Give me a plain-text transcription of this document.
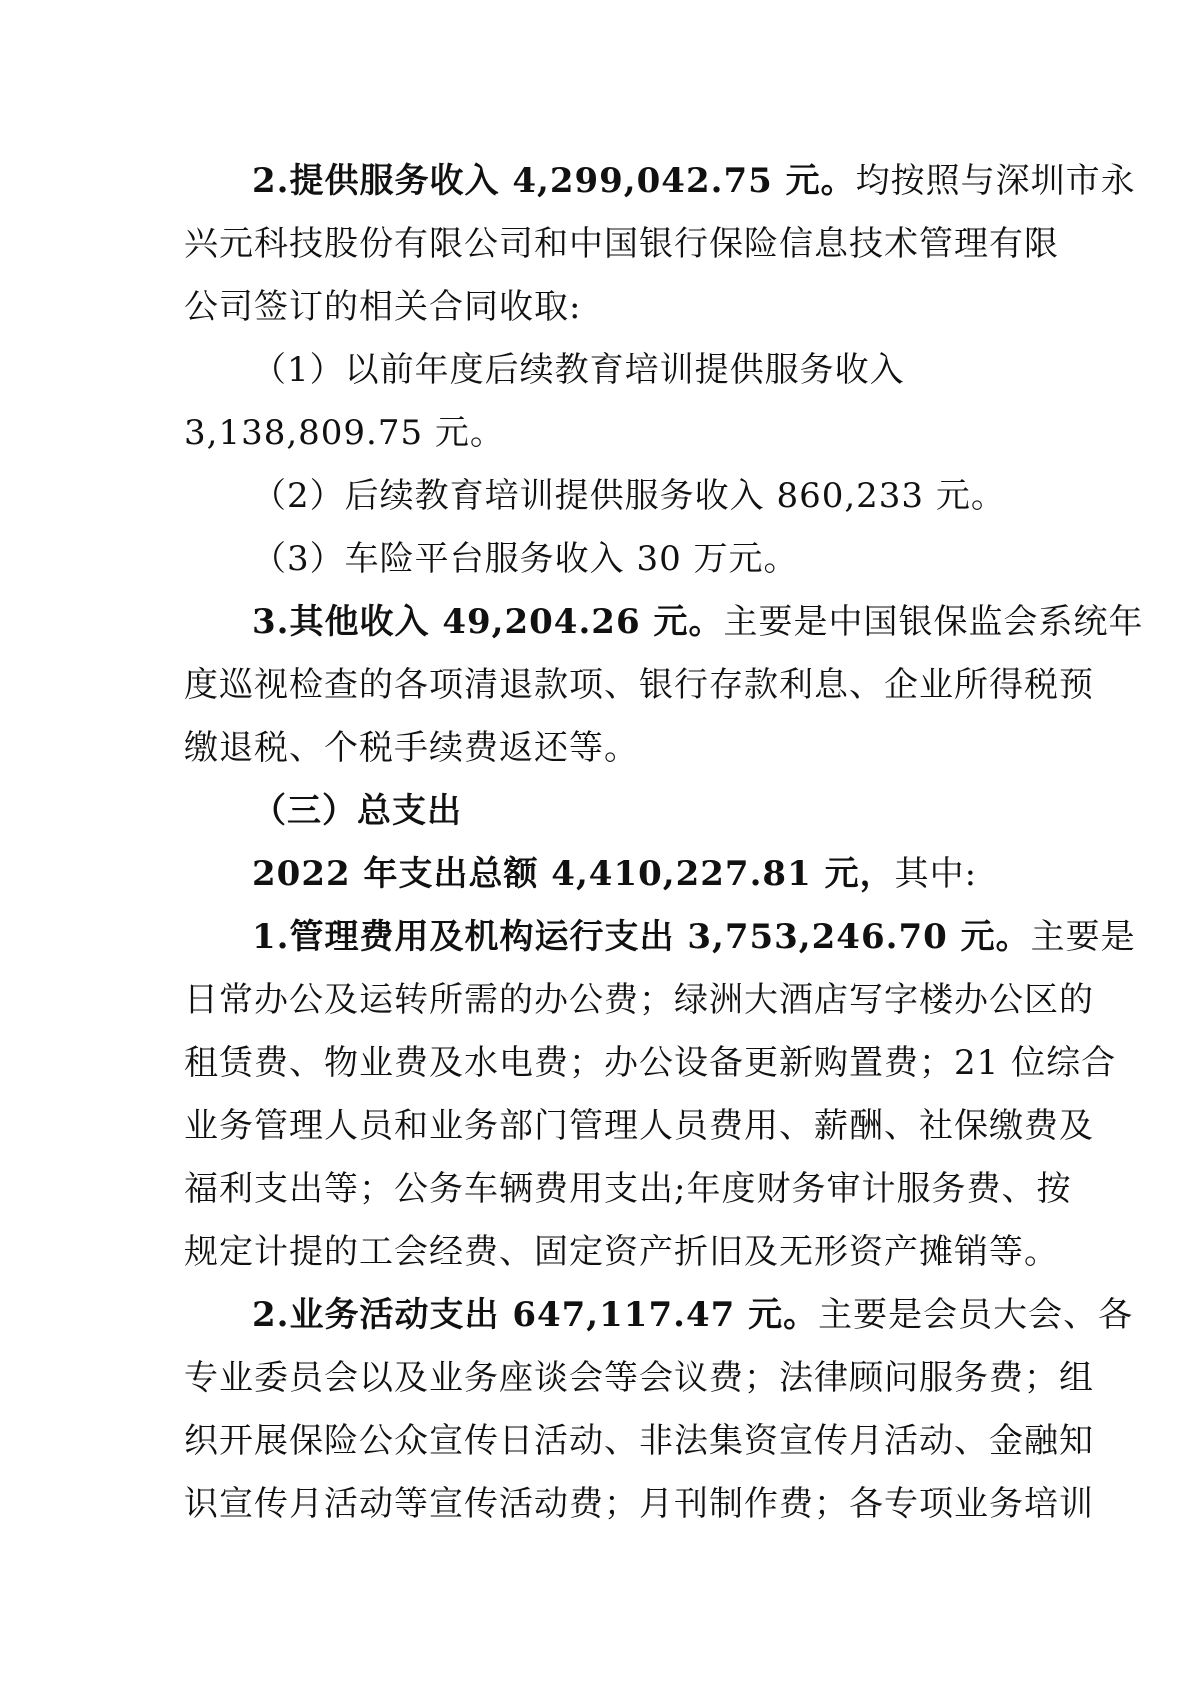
2.提供服务收入 4,299,042.75 元。均按照与深圳市永
兴元科技股份有限公司和中国银行保险信息技术管理有限
公司签订的相关合同收取:
（1）以前年度后续教育培训提供服务收入
3,138,809.75 元。
（2）后续教育培训提供服务收入 860,233 元。
（3）车险平台服务收入 30 万元。
3.其他收入 49,204.26 元。主要是中国银保监会系统年
度巡视检查的各项清退款项、银行存款利息、企业所得税预
缴退税、个税手续费返还等。
（三）总支出
2022 年支出总额 4,410,227.81 元，其中:
1.管理费用及机构运行支出 3,753,246.70 元。主要是
日常办公及运转所需的办公费；绿洲大酒店写字楼办公区的
租赁费、物业费及水电费；办公设备更新购置费；21 位综合
业务管理人员和业务部门管理人员费用、薪酬、社保缴费及
福利支出等；公务车辆费用支出;年度财务审计服务费、按
规定计提的工会经费、固定资产折旧及无形资产摊销等。
2.业务活动支出 647,117.47 元。主要是会员大会、各
专业委员会以及业务座谈会等会议费；法律顾问服务费；组
织开展保险公众宣传日活动、非法集资宣传月活动、金融知
识宣传月活动等宣传活动费；月刊制作费；各专项业务培训
